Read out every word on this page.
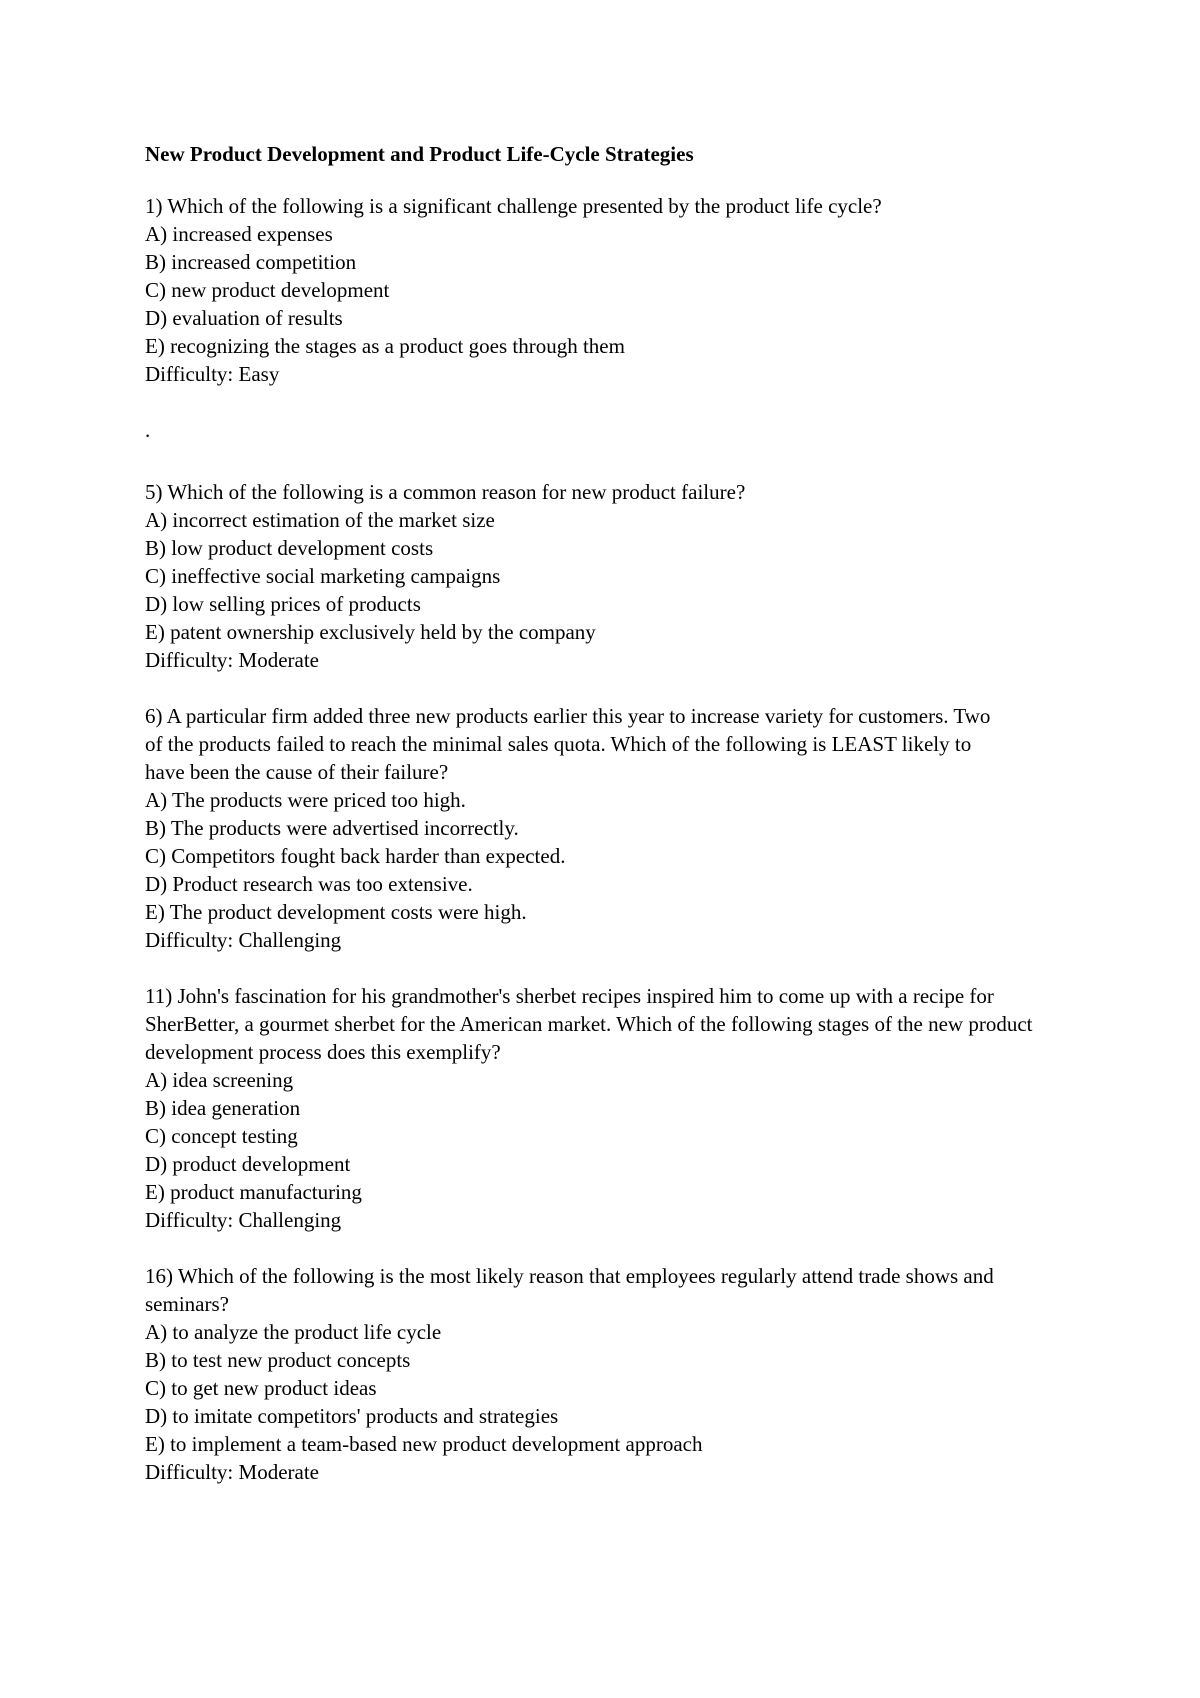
New Product Development and Product Life-Cycle Strategies
1) Which of the following is a significant challenge presented by the product life cycle?
A) increased expenses
B) increased competition
C) new product development
D) evaluation of results
E) recognizing the stages as a product goes through them
Difficulty: Easy
.
5) Which of the following is a common reason for new product failure?
A) incorrect estimation of the market size
B) low product development costs
C) ineffective social marketing campaigns
D) low selling prices of products
E) patent ownership exclusively held by the company
Difficulty: Moderate
6) A particular firm added three new products earlier this year to increase variety for customers. Two of the products failed to reach the minimal sales quota. Which of the following is LEAST likely to have been the cause of their failure?
A) The products were priced too high.
B) The products were advertised incorrectly.
C) Competitors fought back harder than expected.
D) Product research was too extensive.
E) The product development costs were high.
Difficulty: Challenging
11) John's fascination for his grandmother's sherbet recipes inspired him to come up with a recipe for SherBetter, a gourmet sherbet for the American market. Which of the following stages of the new product development process does this exemplify?
A) idea screening
B) idea generation
C) concept testing
D) product development
E) product manufacturing
Difficulty: Challenging
16) Which of the following is the most likely reason that employees regularly attend trade shows and seminars?
A) to analyze the product life cycle
B) to test new product concepts
C) to get new product ideas
D) to imitate competitors' products and strategies
E) to implement a team-based new product development approach
Difficulty: Moderate
